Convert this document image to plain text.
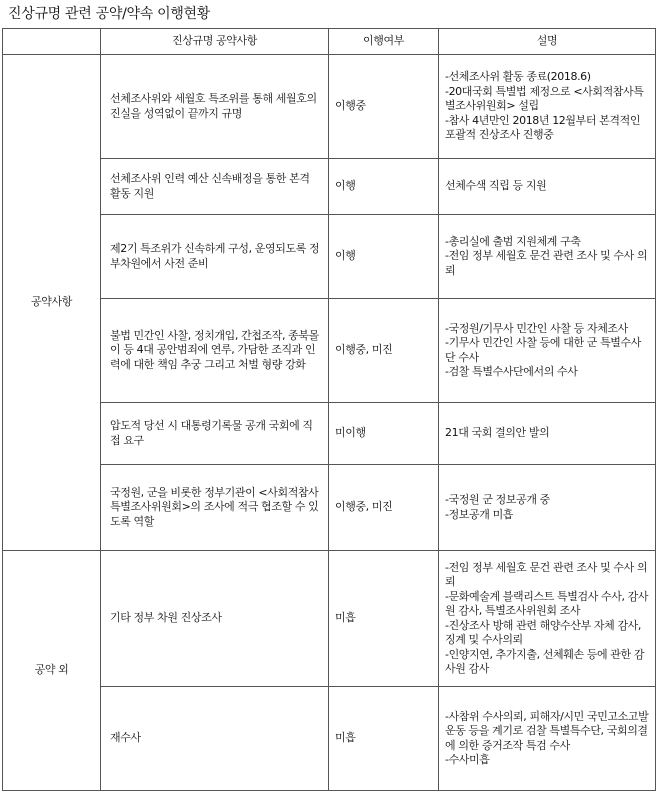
진상규명 관련 공약/약속 이행현황
	진상규명 공약사항	이행여부	설명
공약사항	선체조사위와 세월호 특조위를 통해 세월호의 진실을 성역없이 끝까지 규명	이행중	-선체조사위 활동 종료(2018.6)
-20대국회 특별법 제정으로 <사회적참사특별조사위원회> 설립
-참사 4년만인 2018년 12월부터 본격적인 포괄적 진상조사 진행중

	선체조사위 인력 예산 신속배정을 통한 본격 활동 지원	이행	선체수색 직립 등 지원

	제2기 특조위가 신속하게 구성, 운영되도록 정부차원에서 사전 준비	이행	-총리실에 출범 지원체계 구축
-전임 정부 세월호 문건 관련 조사 및 수사 의뢰

	불법 민간인 사찰, 정치개입, 간첩조작, 종북몰이 등 4대 공안범죄에 연루, 가담한 조직과 인력에 대한 책임 추궁 그리고 처벌 형량 강화	이행중, 미진	-국정원/기무사 민간인 사찰 등 자체조사
-기무사 민간인 사찰 등에 대한 군 특별수사단 수사
-검찰 특별수사단에서의 수사

	압도적 당선 시 대통령기록물 공개 국회에 직접 요구	미이행	21대 국회 결의안 발의

	국정원, 군을 비롯한 정부기관이 <사회적참사 특별조사위원회>의 조사에 적극 협조할 수 있도록 역할	이행중, 미진	-국정원 군 정보공개 중
-정보공개 미흡

공약 외	기타 정부 차원 진상조사	미흡	-전임 정부 세월호 문건 관련 조사 및 수사 의뢰
-문화예술계 블랙리스트 특별검사 수사, 감사원 감사, 특별조사위원회 조사
-진상조사 방해 관련 해양수산부 자체 감사, 징계 및 수사의뢰
-인양지연, 추가지출, 선체훼손 등에 관한 감사원 감사

	재수사	미흡	-사참위 수사의뢰, 피해자/시민 국민고소고발 운동 등을 계기로 검찰 특별특수단, 국회의결에 의한 증거조작 특검 수사
-수사미흡
